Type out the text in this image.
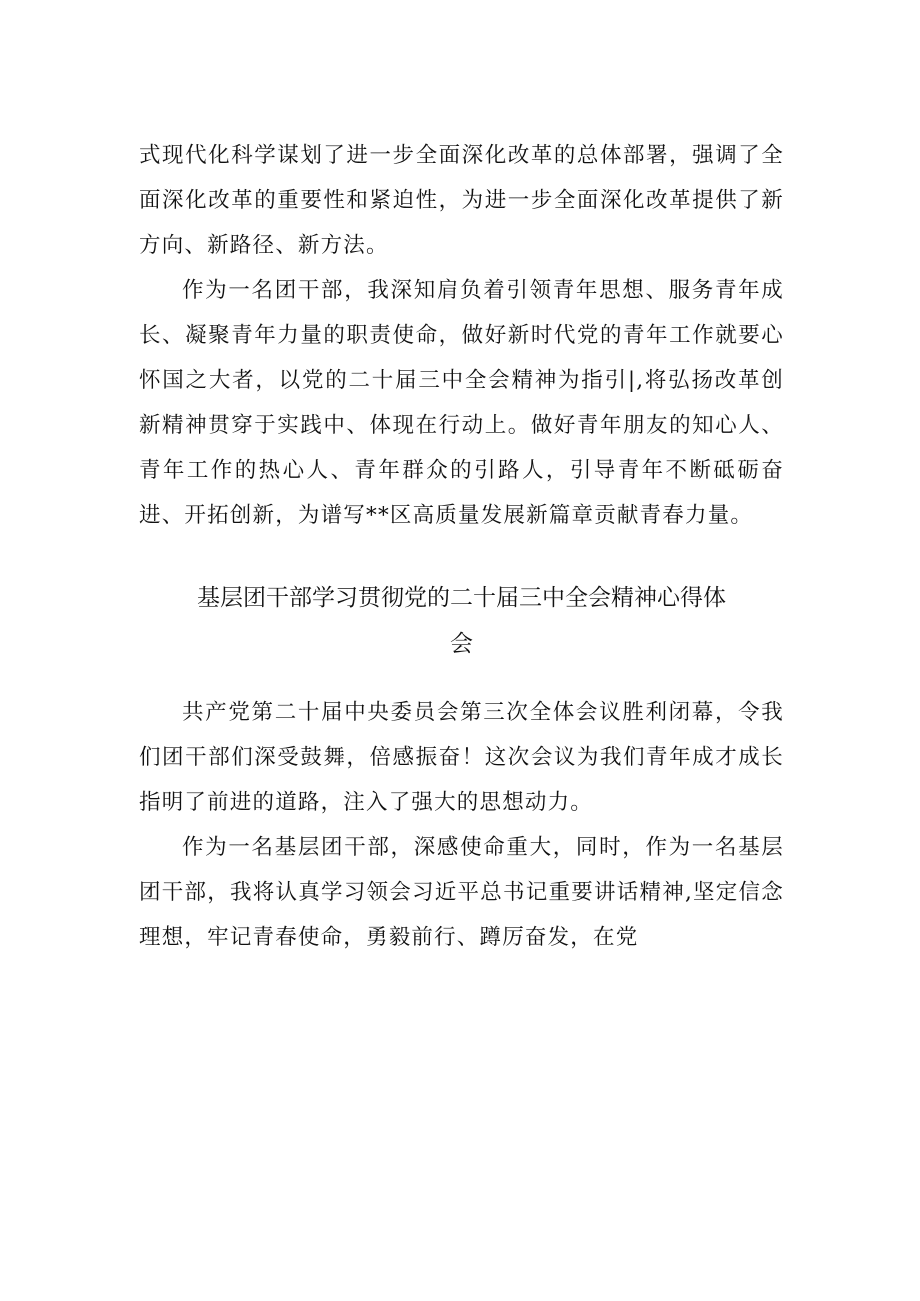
式现代化科学谋划了进一步全面深化改革的总体部署，强调了全面深化改革的重要性和紧迫性，为进一步全面深化改革提供了新方向、新路径、新方法。

作为一名团干部，我深知肩负着引领青年思想、服务青年成长、凝聚青年力量的职责使命，做好新时代党的青年工作就要心怀国之大者，以党的二十届三中全会精神为指引|,将弘扬改革创新精神贯穿于实践中、体现在行动上。做好青年朋友的知心人、青年工作的热心人、青年群众的引路人，引导青年不断砥砺奋进、开拓创新，为谱写**区高质量发展新篇章贡献青春力量。

基层团干部学习贯彻党的二十届三中全会精神心得体会

共产党第二十届中央委员会第三次全体会议胜利闭幕，令我们团干部们深受鼓舞，倍感振奋！这次会议为我们青年成才成长指明了前进的道路，注入了强大的思想动力。

作为一名基层团干部，深感使命重大，同时，作为一名基层团干部，我将认真学习领会习近平总书记重要讲话精神,坚定信念理想，牢记青春使命，勇毅前行、蹲厉奋发，在党
